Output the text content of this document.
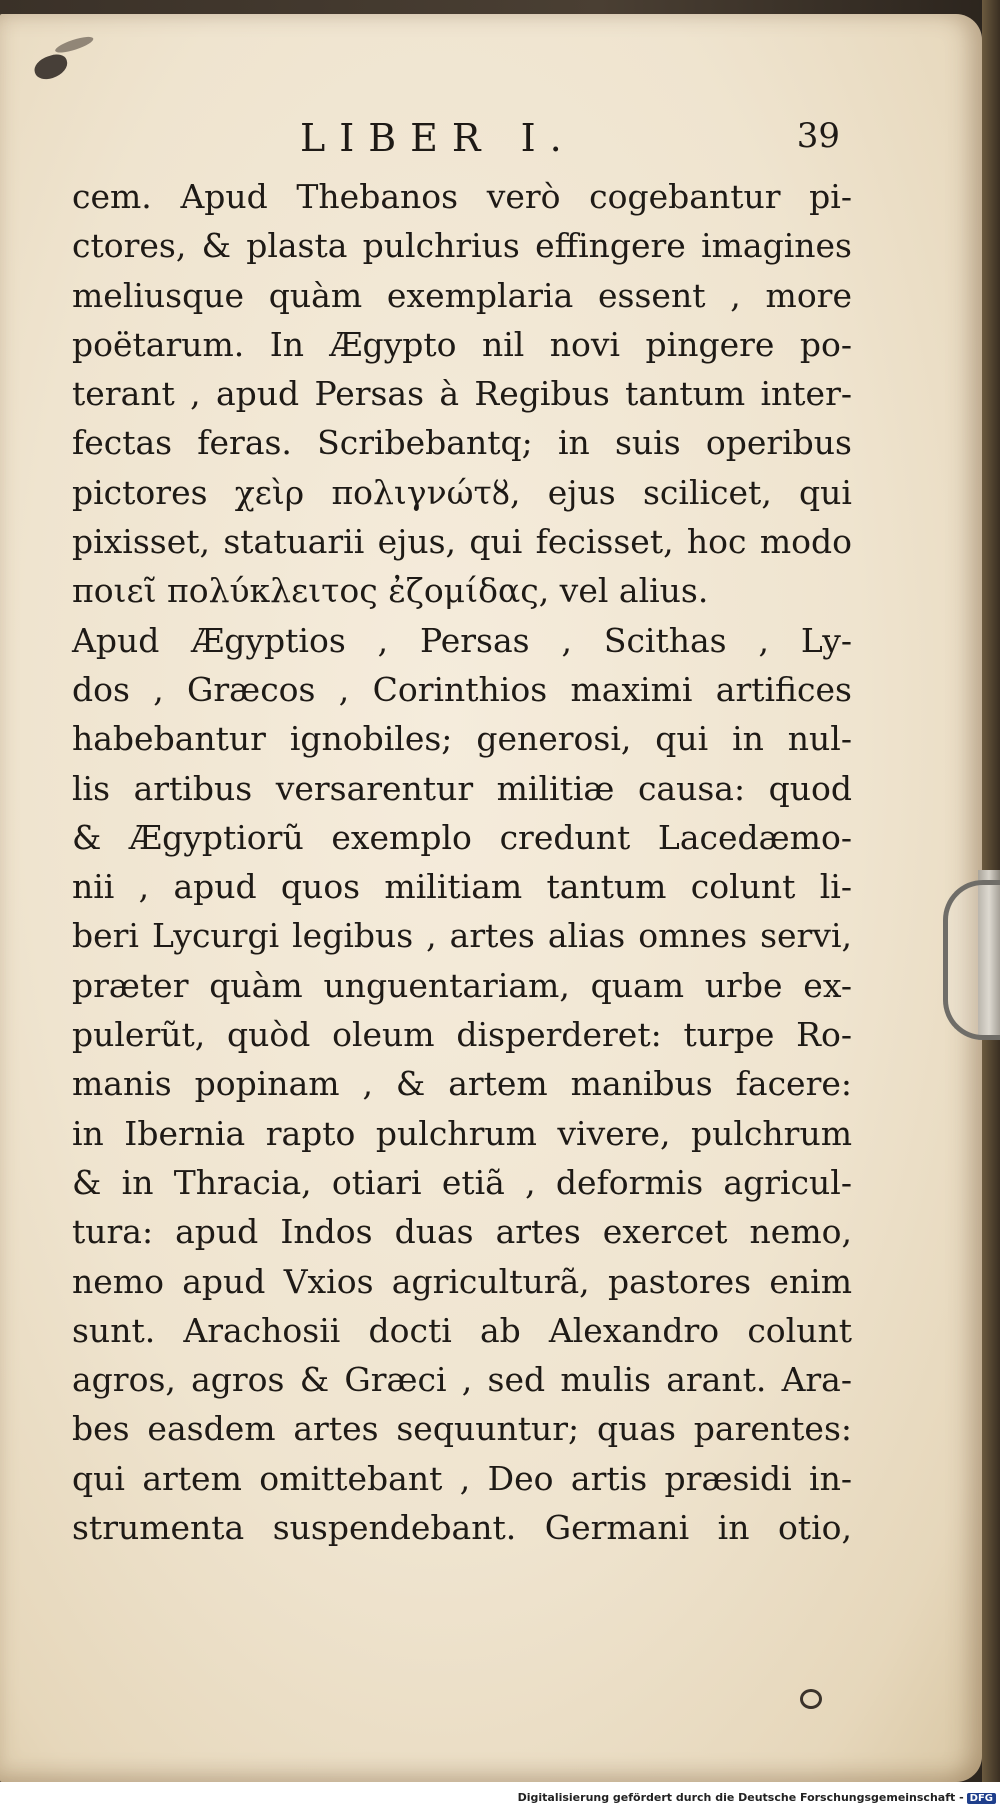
LIBER I.	39
cem. Apud Thebanos verò cogebantur pi-
ctores, & plasta pulchrius effingere imagines
meliusque quàm exemplaria essent , more
poëtarum. In Ægypto nil novi pingere po-
terant , apud Persas à Regibus tantum inter-
fectas feras. Scribebantq; in suis operibus
pictores χεὶρ πολιγνώτȣ, ejus scilicet, qui
pixisset, statuarii ejus, qui fecisset, hoc modo
ποιεῖ πολύκλειτος ἐζομίδας, vel alius.
Apud Ægyptios , Persas , Scithas , Ly-
dos , Græcos , Corinthios maximi artifices
habebantur ignobiles; generosi, qui in nul-
lis artibus versarentur militiæ causa: quod
& Ægyptiorũ exemplo credunt Lacedæmo-
nii , apud quos militiam tantum colunt li-
beri Lycurgi legibus , artes alias omnes servi,
præter quàm unguentariam, quam urbe ex-
pulerũt, quòd oleum disperderet: turpe Ro-
manis popinam , & artem manibus facere:
in Ibernia rapto pulchrum vivere, pulchrum
& in Thracia, otiari etiã , deformis agricul-
tura: apud Indos duas artes exercet nemo,
nemo apud Vxios agriculturã, pastores enim
sunt. Arachosii docti ab Alexandro colunt
agros, agros & Græci , sed mulis arant. Ara-
bes easdem artes sequuntur; quas parentes:
qui artem omittebant , Deo artis præsidi in-
strumenta suspendebant. Germani in otio,
Digitalisierung gefördert durch die Deutsche Forschungsgemeinschaft - DFG
